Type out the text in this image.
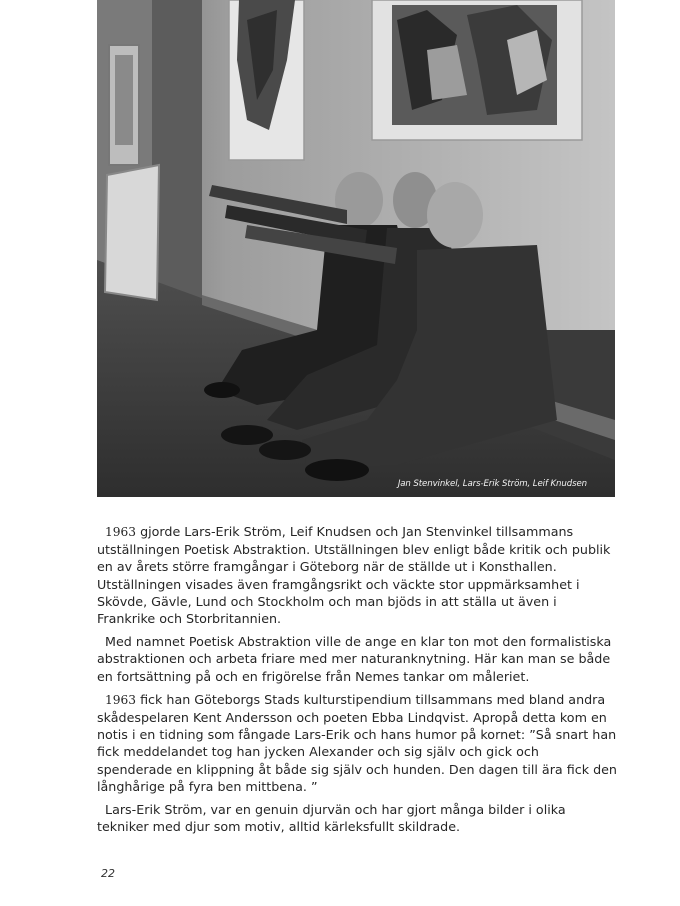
Jan Stenvinkel, Lars-Erik Ström, Leif Knudsen

1963 gjorde Lars-Erik Ström, Leif Knudsen och Jan Stenvinkel tillsammans utställningen Poetisk Abstraktion. Utställningen blev enligt både kritik och publik en av årets större framgångar i Göteborg när de ställde ut i Konsthallen. Utställningen visades även framgångsrikt och väckte stor uppmärksamhet i Skövde, Gävle, Lund och Stockholm och man bjöds in att ställa ut även i Frankrike och Storbritannien.

Med namnet Poetisk Abstraktion ville de ange en klar ton mot den formalistiska abstraktionen och arbeta friare med mer naturanknytning. Här kan man se både en fortsättning på och en frigörelse från Nemes tankar om måleriet.

1963 fick han Göteborgs Stads kulturstipendium tillsammans med bland andra skådespelaren Kent Andersson och poeten Ebba Lindqvist. Apropå detta kom en notis i en tidning som fångade Lars-Erik och hans humor på kornet: ”Så snart han fick meddelandet tog han jycken Alexander och sig själv och gick och spenderade en klippning åt både sig själv och hunden. Den dagen till ära fick den långhårige på fyra ben mittbena. ”

Lars-Erik Ström, var en genuin djurvän och har gjort många bilder i olika tekniker med djur som motiv, alltid kärleksfullt skildrade.

22
